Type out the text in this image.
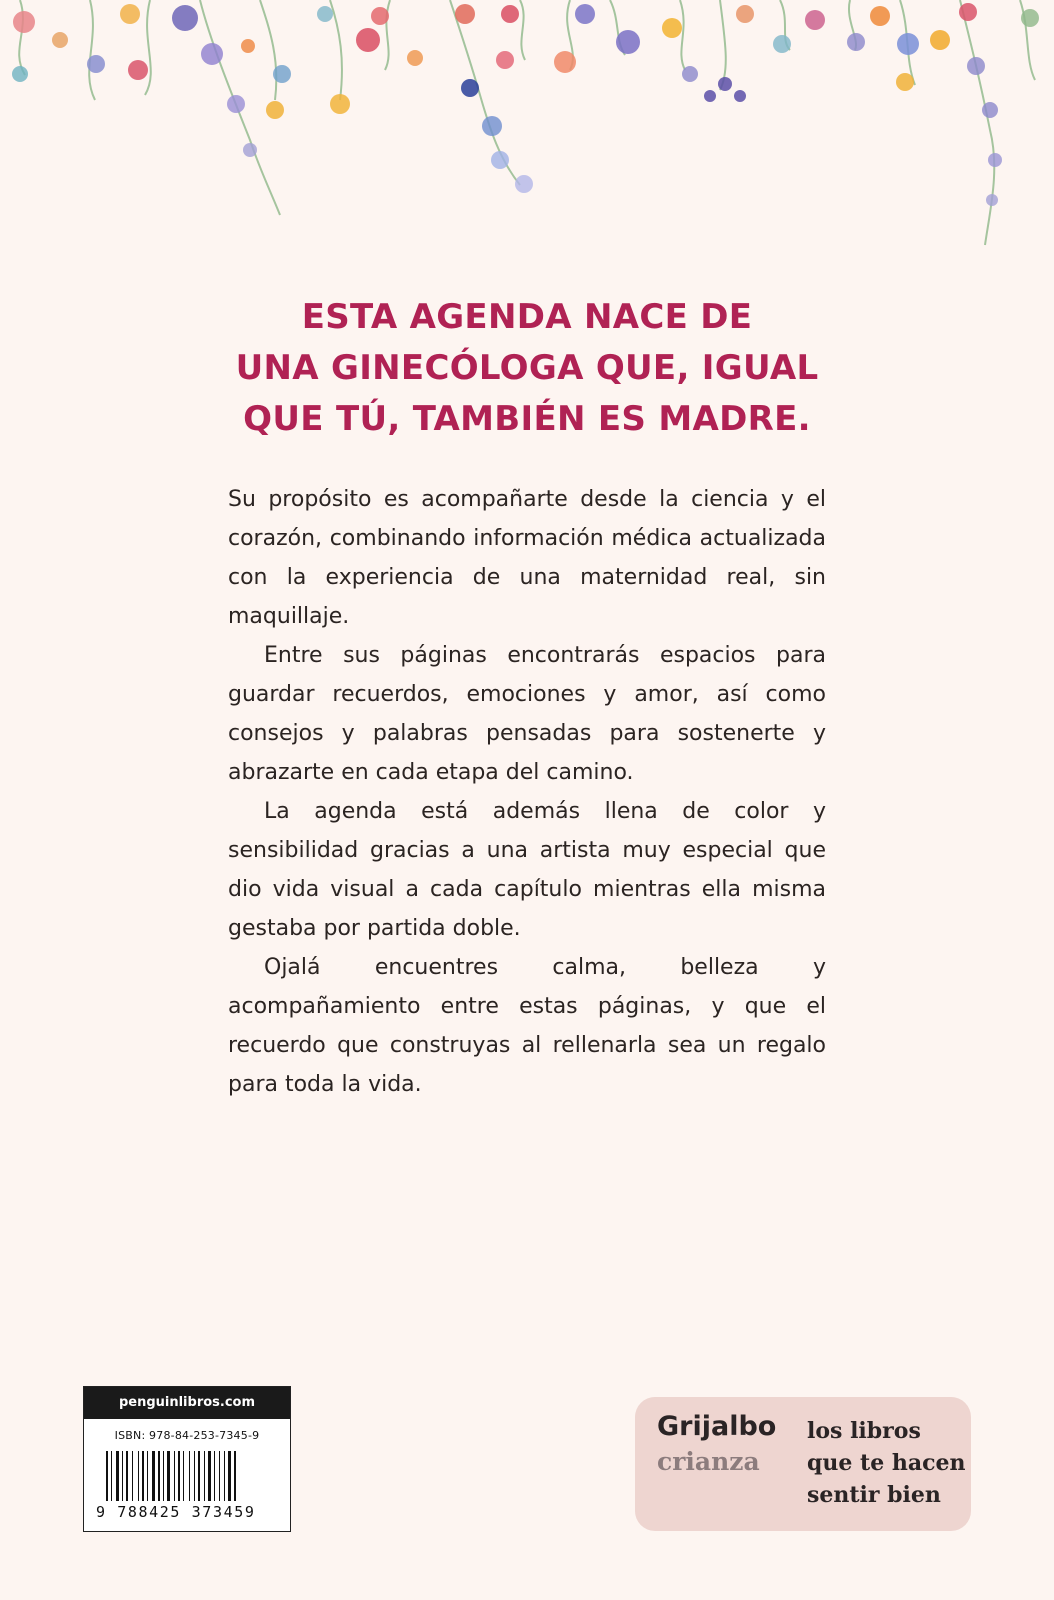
ESTA AGENDA NACE DE
UNA GINECÓLOGA QUE, IGUAL
QUE TÚ, TAMBIÉN ES MADRE.

Su propósito es acompañarte desde la ciencia y el corazón, combinando información médica actualizada con la experiencia de una maternidad real, sin maquillaje.

Entre sus páginas encontrarás espacios para guardar recuerdos, emociones y amor, así como consejos y palabras pensadas para sostenerte y abrazarte en cada etapa del camino.

La agenda está además llena de color y sensibilidad gracias a una artista muy especial que dio vida visual a cada capítulo mientras ella misma gestaba por partida doble.

Ojalá encuentres calma, belleza y acompañamiento entre estas páginas, y que el recuerdo que construyas al rellenarla sea un regalo para toda la vida.

penguinlibros.com
ISBN: 978-84-253-7345-9
9 788425 373459
Grijalbo
crianza
los libros
que te hacen
sentir bien
